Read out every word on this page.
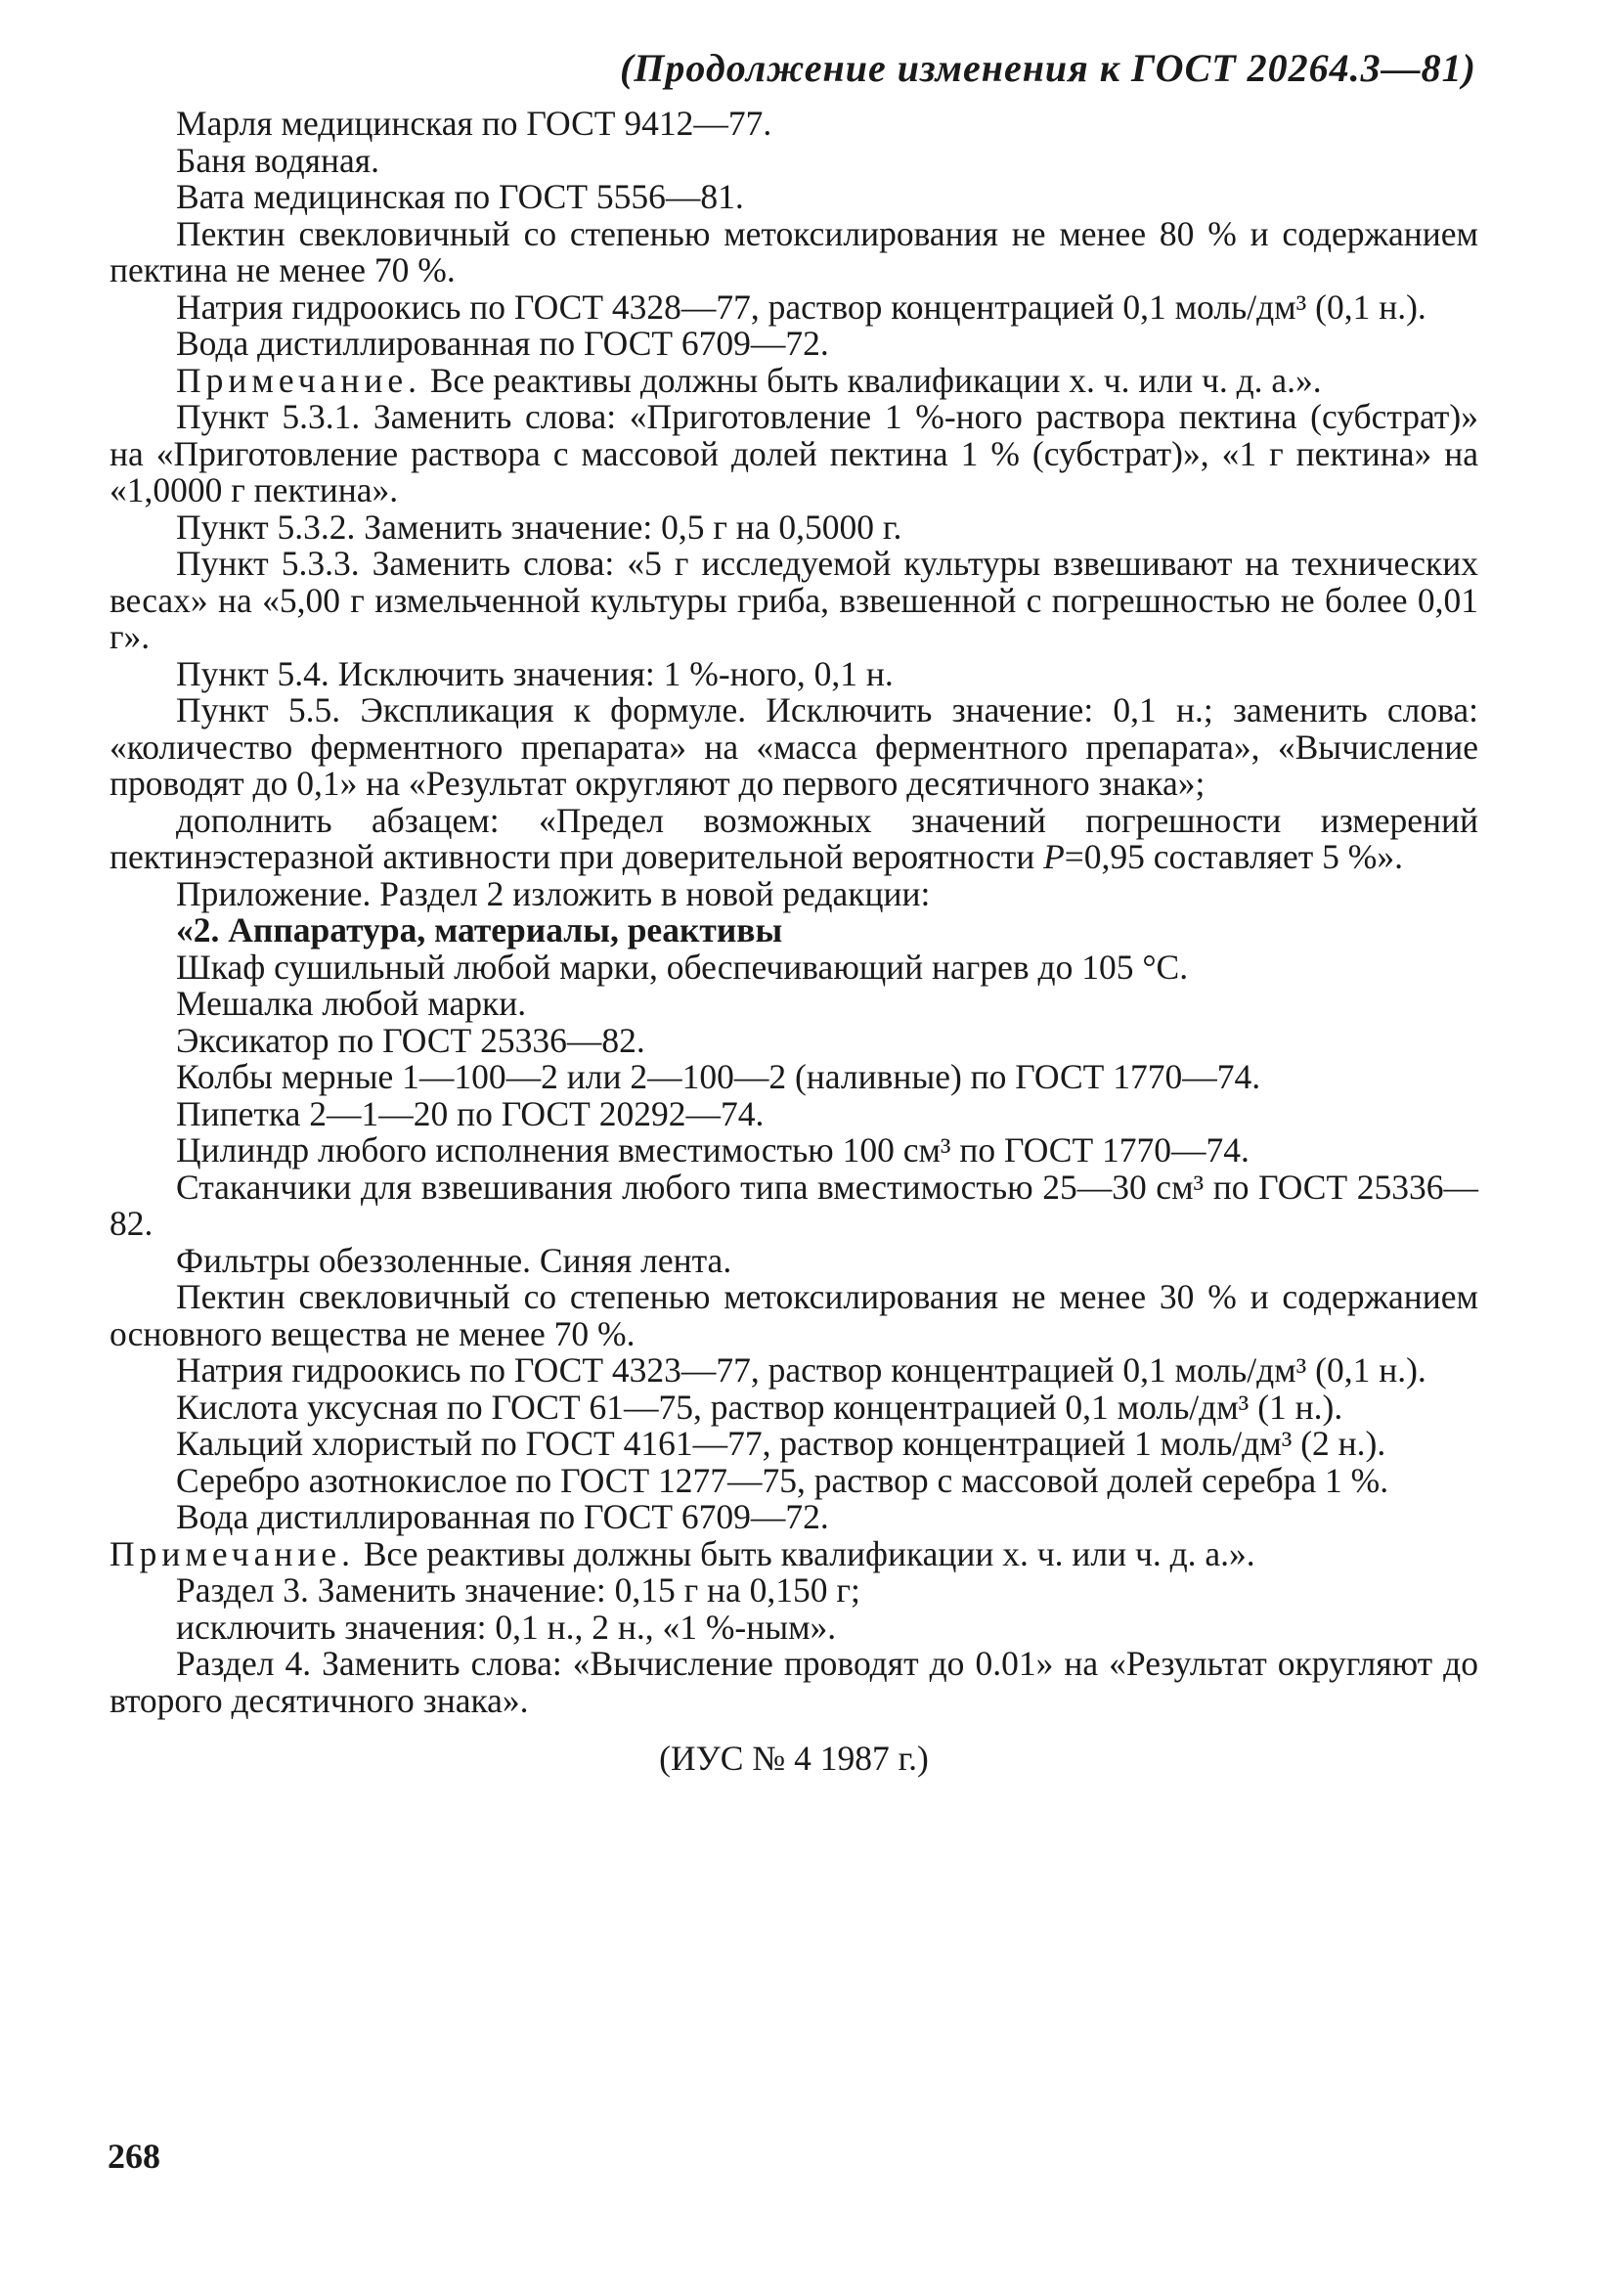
(Продолжение изменения к ГОСТ 20264.3—81)

Марля медицинская по ГОСТ 9412—77.

Баня водяная.

Вата медицинская по ГОСТ 5556—81.

Пектин свекловичный со степенью метоксилирования не менее 80 % и содержанием пектина не менее 70 %.

Натрия гидроокись по ГОСТ 4328—77, раствор концентрацией 0,1 моль/дм³ (0,1 н.).

Вода дистиллированная по ГОСТ 6709—72.

Примечание. Все реактивы должны быть квалификации х. ч. или ч. д. а.».

Пункт 5.3.1. Заменить слова: «Приготовление 1 %-ного раствора пектина (субстрат)» на «Приготовление раствора с массовой долей пектина 1 % (субстрат)», «1 г пектина» на «1,0000 г пектина».

Пункт 5.3.2. Заменить значение: 0,5 г на 0,5000 г.

Пункт 5.3.3. Заменить слова: «5 г исследуемой культуры взвешивают на технических весах» на «5,00 г измельченной культуры гриба, взвешенной с погрешностью не более 0,01 г».

Пункт 5.4. Исключить значения: 1 %-ного, 0,1 н.

Пункт 5.5. Экспликация к формуле. Исключить значение: 0,1 н.; заменить слова: «количество ферментного препарата» на «масса ферментного препарата», «Вычисление проводят до 0,1» на «Результат округляют до первого десятичного знака»;

дополнить абзацем: «Предел возможных значений погрешности измерений пектинэстеразной активности при доверительной вероятности P=0,95 составляет 5 %».

Приложение. Раздел 2 изложить в новой редакции:

«2. Аппаратура, материалы, реактивы

Шкаф сушильный любой марки, обеспечивающий нагрев до 105 °С.

Мешалка любой марки.

Эксикатор по ГОСТ 25336—82.

Колбы мерные 1—100—2 или 2—100—2 (наливные) по ГОСТ 1770—74.

Пипетка 2—1—20 по ГОСТ 20292—74.

Цилиндр любого исполнения вместимостью 100 см³ по ГОСТ 1770—74.

Стаканчики для взвешивания любого типа вместимостью 25—30 см³ по ГОСТ 25336—82.

Фильтры обеззоленные. Синяя лента.

Пектин свекловичный со степенью метоксилирования не менее 30 % и содержанием основного вещества не менее 70 %.

Натрия гидроокись по ГОСТ 4323—77, раствор концентрацией 0,1 моль/дм³ (0,1 н.).

Кислота уксусная по ГОСТ 61—75, раствор концентрацией 0,1 моль/дм³ (1 н.).

Кальций хлористый по ГОСТ 4161—77, раствор концентрацией 1 моль/дм³ (2 н.).

Серебро азотнокислое по ГОСТ 1277—75, раствор с массовой долей серебра 1 %.

Вода дистиллированная по ГОСТ 6709—72.

Примечание. Все реактивы должны быть квалификации х. ч. или ч. д. а.».

Раздел 3. Заменить значение: 0,15 г на 0,150 г;

исключить значения: 0,1 н., 2 н., «1 %-ным».

Раздел 4. Заменить слова: «Вычисление проводят до 0.01» на «Результат округляют до второго десятичного знака».

(ИУС № 4 1987 г.)

268
